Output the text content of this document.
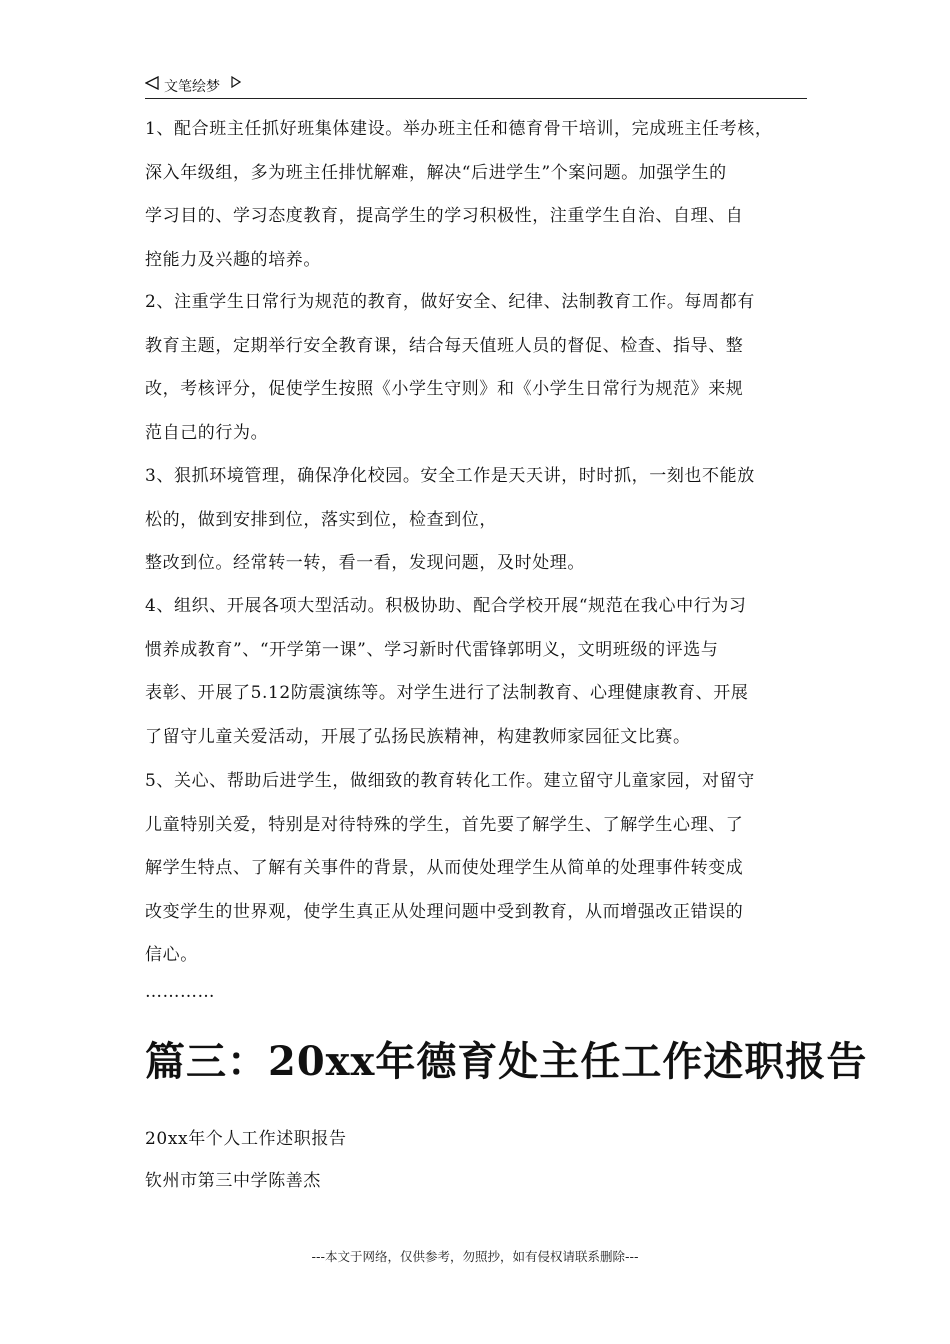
文笔绘梦

1、配合班主任抓好班集体建设。举办班主任和德育骨干培训，完成班主任考核，
深入年级组，多为班主任排忧解难，解决“后进学生”个案问题。加强学生的
学习目的、学习态度教育，提高学生的学习积极性，注重学生自治、自理、自
控能力及兴趣的培养。

2、注重学生日常行为规范的教育，做好安全、纪律、法制教育工作。每周都有
教育主题，定期举行安全教育课，结合每天值班人员的督促、检查、指导、整
改，考核评分，促使学生按照《小学生守则》和《小学生日常行为规范》来规
范自己的行为。

3、狠抓环境管理，确保净化校园。安全工作是天天讲，时时抓，一刻也不能放
松的，做到安排到位，落实到位，检查到位，
整改到位。经常转一转，看一看，发现问题，及时处理。

4、组织、开展各项大型活动。积极协助、配合学校开展“规范在我心中行为习
惯养成教育”、“开学第一课”、学习新时代雷锋郭明义，文明班级的评选与
表彰、开展了5.12防震演练等。对学生进行了法制教育、心理健康教育、开展
了留守儿童关爱活动，开展了弘扬民族精神，构建教师家园征文比赛。

5、关心、帮助后进学生，做细致的教育转化工作。建立留守儿童家园，对留守
儿童特别关爱，特别是对待特殊的学生，首先要了解学生、了解学生心理、了
解学生特点、了解有关事件的背景，从而使处理学生从简单的处理事件转变成
改变学生的世界观，使学生真正从处理问题中受到教育，从而增强改正错误的
信心。

…………
篇三：20xx年德育处主任工作述职报告
20xx年个人工作述职报告
钦州市第三中学陈善杰
---本文于网络，仅供参考，勿照抄，如有侵权请联系删除---
